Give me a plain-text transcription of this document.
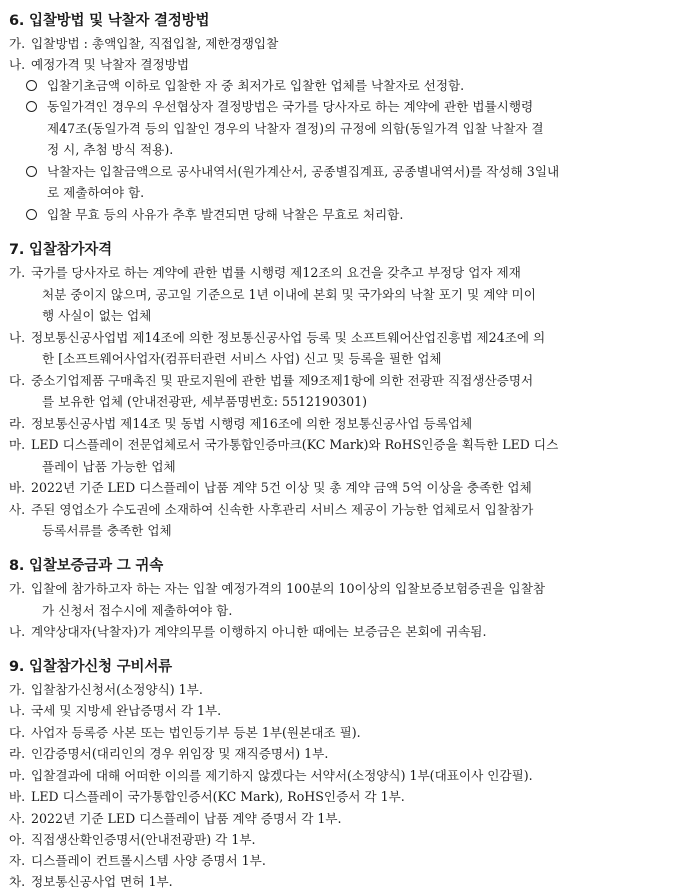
6. 입찰방법 및 낙찰자 결정방법
가. 입찰방법 : 총액입찰, 직접입찰, 제한경쟁입찰
나. 예정가격 및 낙찰자 결정방법
입찰기초금액 이하로 입찰한 자 중 최저가로 입찰한 업체를 낙찰자로 선정함.
동일가격인 경우의 우선협상자 결정방법은 국가를 당사자로 하는 계약에 관한 법률시행령
제47조(동일가격 등의 입찰인 경우의 낙찰자 결정)의 규정에 의함(동일가격 입찰 낙찰자 결
정 시, 추첨 방식 적용).
낙찰자는 입찰금액으로 공사내역서(원가계산서, 공종별집계표, 공종별내역서)를 작성해 3일내
로 제출하여야 함.
입찰 무효 등의 사유가 추후 발견되면 당해 낙찰은 무효로 처리함.
7. 입찰참가자격
가. 국가를 당사자로 하는 계약에 관한 법률 시행령 제12조의 요건을 갖추고 부정당 업자 제재
처분 중이지 않으며, 공고일 기준으로 1년 이내에 본회 및 국가와의 낙찰 포기 및 계약 미이
행 사실이 없는 업체
나. 정보통신공사업법 제14조에 의한 정보통신공사업 등록 및 소프트웨어산업진흥법 제24조에 의
한 [소프트웨어사업자(컴퓨터관련 서비스 사업) 신고 및 등록을 필한 업체
다. 중소기업제품 구매촉진 및 판로지원에 관한 법률 제9조제1항에 의한 전광판 직접생산증명서
를 보유한 업체 (안내전광판, 세부품명번호: 5512190301)
라. 정보통신공사법 제14조 및 동법 시행령 제16조에 의한 정보통신공사업 등록업체
마. LED 디스플레이 전문업체로서 국가통합인증마크(KC Mark)와 RoHS인증을 획득한 LED 디스
플레이 납품 가능한 업체
바. 2022년 기준 LED 디스플레이 납품 계약 5건 이상 및 총 계약 금액 5억 이상을 충족한 업체
사. 주된 영업소가 수도권에 소재하여 신속한 사후관리 서비스 제공이 가능한 업체로서 입찰참가
등록서류를 충족한 업체
8. 입찰보증금과 그 귀속
가. 입찰에 참가하고자 하는 자는 입찰 예정가격의 100분의 10이상의 입찰보증보험증권을 입찰참
가 신청서 접수시에 제출하여야 함.
나. 계약상대자(낙찰자)가 계약의무를 이행하지 아니한 때에는 보증금은 본회에 귀속됨.
9. 입찰참가신청 구비서류
가. 입찰참가신청서(소정양식) 1부.
나. 국세 및 지방세 완납증명서 각 1부.
다. 사업자 등록증 사본 또는 법인등기부 등본 1부(원본대조 필).
라. 인감증명서(대리인의 경우 위임장 및 재직증명서) 1부.
마. 입찰결과에 대해 어떠한 이의를 제기하지 않겠다는 서약서(소정양식) 1부(대표이사 인감필).
바. LED 디스플레이 국가통합인증서(KC Mark), RoHS인증서 각 1부.
사. 2022년 기준 LED 디스플레이 납품 계약 증명서 각 1부.
아. 직접생산확인증명서(안내전광판) 각 1부.
자. 디스플레이 컨트롤시스템 사양 증명서 1부.
차. 정보통신공사업 면허 1부.
